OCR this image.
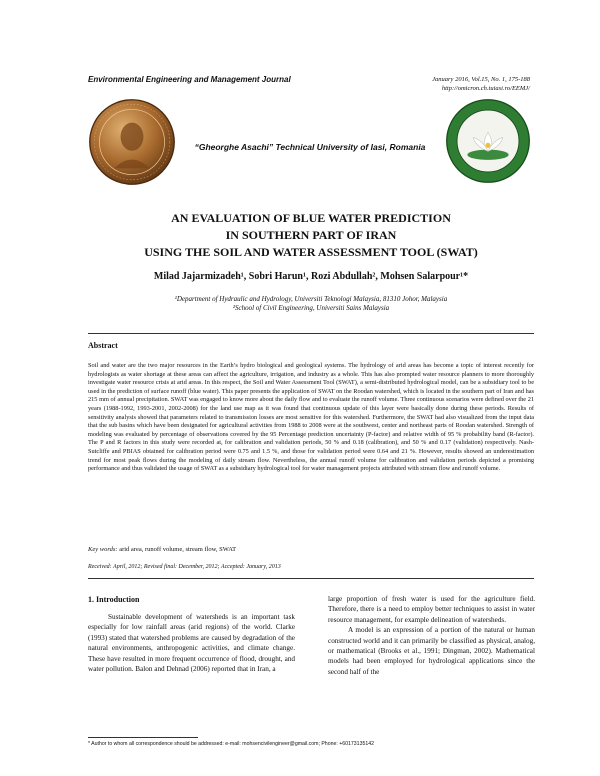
Environmental Engineering and Management Journal	January 2016, Vol.15, No. 1, 175-188
http://omicron.ch.tuiasi.ro/EEMJ/
“Gheorghe Asachi” Technical University of Iasi, Romania
AN EVALUATION OF BLUE WATER PREDICTION
IN SOUTHERN PART OF IRAN
USING THE SOIL AND WATER ASSESSMENT TOOL (SWAT)
Milad Jajarmizadeh¹, Sobri Harun¹, Rozi Abdullah², Mohsen Salarpour¹*
¹Department of Hydraulic and Hydrology, Universiti Teknologi Malaysia, 81310 Johor, Malaysia
²School of Civil Engineering, Universiti Sains Malaysia
Abstract

Soil and water are the two major resources in the Earth’s hydro biological and geological systems. The hydrology of arid areas has become a topic of interest recently for hydrologists as water shortage at these areas can affect the agriculture, irrigation, and industry as a whole. This has also prompted water resource planners to more thoroughly investigate water resource crisis at arid areas. In this respect, the Soil and Water Assessment Tool (SWAT), a semi-distributed hydrological model, can be a subsidiary tool to be used in the prediction of surface runoff (blue water). This paper presents the application of SWAT on the Roodan watershed, which is located in the southern part of Iran and has 215 mm of annual precipitation. SWAT was engaged to know more about the daily flow and to evaluate the runoff volume. Three continuous scenarios were defined over the 21 years (1988-1992, 1993-2001, 2002-2008) for the land use map as it was found that continuous update of this layer were basically done during these periods. Results of sensitivity analysis showed that parameters related to transmission losses are most sensitive for this watershed. Furthermore, the SWAT had also visualized from the input data that the sub basins which have been designated for agricultural activities from 1988 to 2008 were at the southwest, center and northeast parts of Roodan watershed. Strength of modeling was evaluated by percentage of observations covered by the 95 Percentage prediction uncertainty (P-factor) and relative width of 95 % probability band (R-factor). The P and R factors in this study were recorded at, for calibration and validation periods, 50 % and 0.18 (calibration), and 50 % and 0.17 (validation) respectively. Nash-Sutcliffe and PBIAS obtained for calibration period were 0.75 and 1.5 %, and those for validation period were 0.64 and 21 %. However, results showed an underestimation trend for most peak flows during the modeling of daily stream flow. Nevertheless, the annual runoff volume for calibration and validation periods depicted a promising performance and thus validated the usage of SWAT as a subsidiary hydrological tool for water management projects attributed with stream flow and runoff volume.

Key words: arid area, runoff volume, stream flow, SWAT
Received: April, 2012; Revised final: December, 2012; Accepted: January, 2013
1. Introduction

Sustainable development of watersheds is an important task especially for low rainfall areas (arid regions) of the world. Clarke (1993) stated that watershed problems are caused by degradation of the natural environments, anthropogenic activities, and climate change. These have resulted in more frequent occurrence of flood, drought, and water pollution. Balon and Dehnad (2006) reported that in Iran, a

large proportion of fresh water is used for the agriculture field. Therefore, there is a need to employ better techniques to assist in water resource management, for example delineation of watersheds.

A model is an expression of a portion of the natural or human constructed world and it can primarily be classified as physical, analog, or mathematical (Brooks et al., 1991; Dingman, 2002). Mathematical models had been employed for hydrological applications since the second half of the

* Author to whom all correspondence should be addressed: e-mail: mohsencivilengineer@gmail.com; Phone: +60173135142
